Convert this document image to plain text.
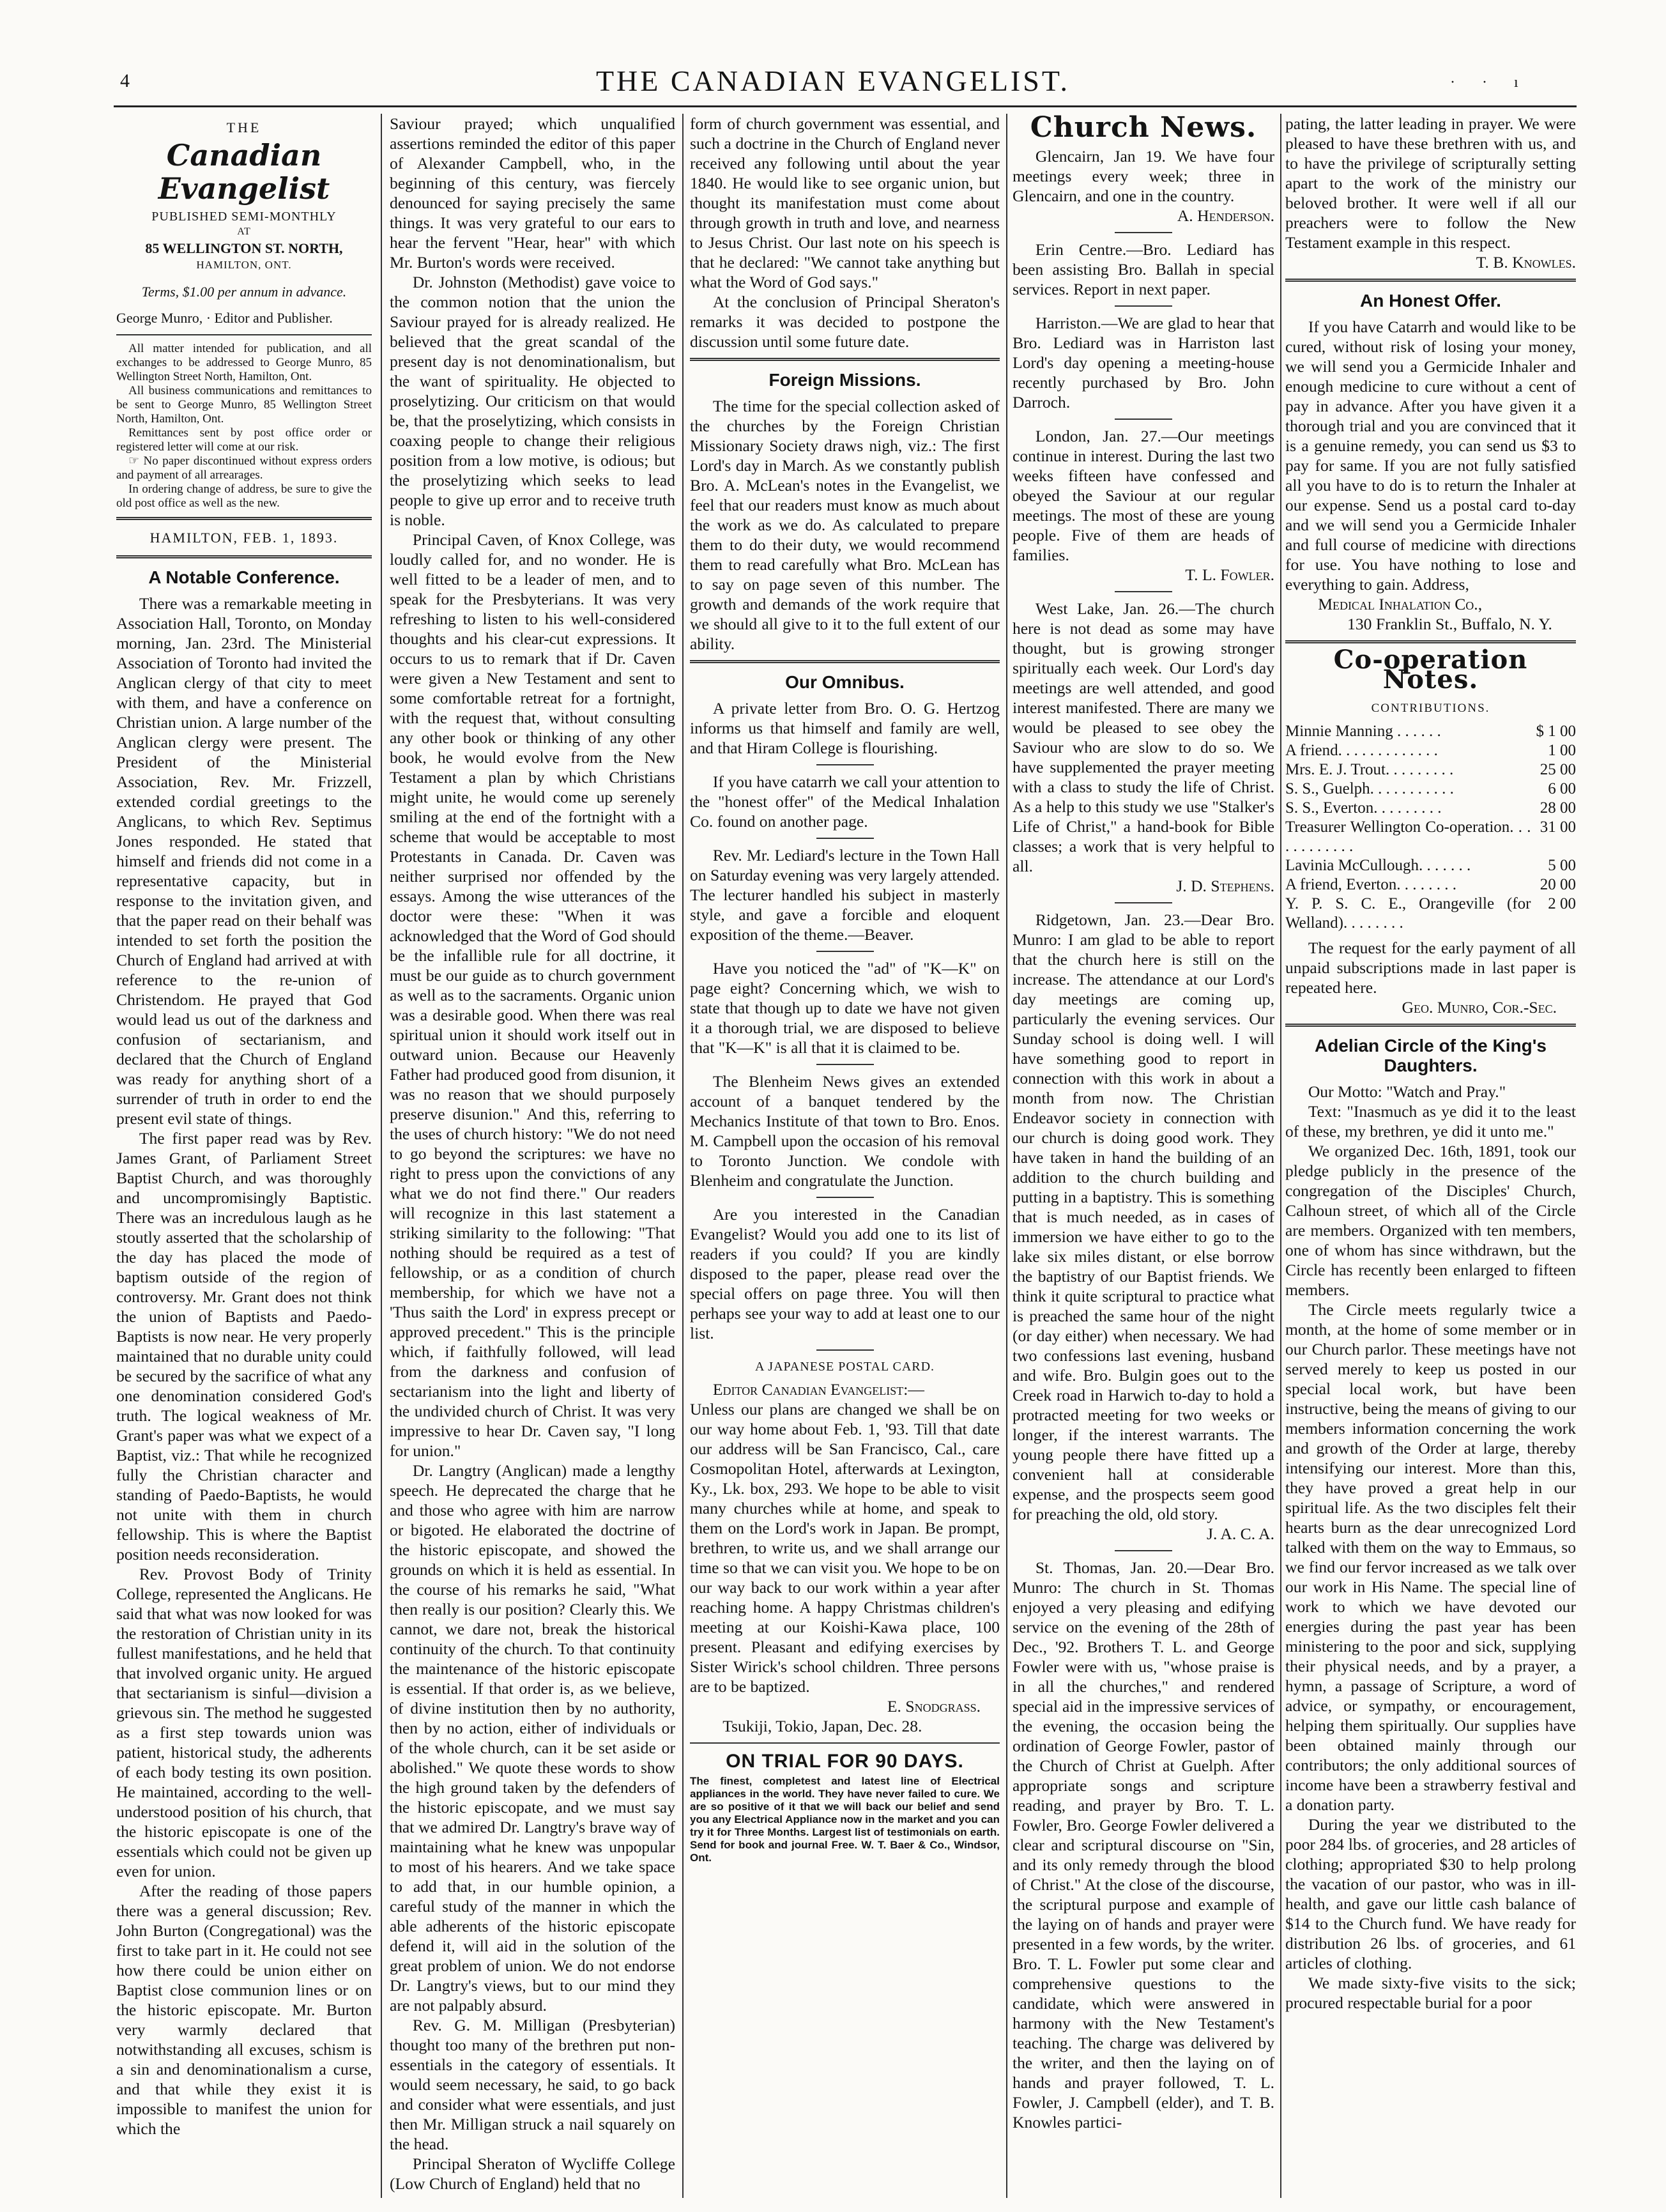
4	THE CANADIAN EVANGELIST.	· · ı
THE
Canadian Evangelist
PUBLISHED SEMI-MONTHLY
AT
85 WELLINGTON ST. NORTH,
HAMILTON, ONT.

Terms, $1.00 per annum in advance.

George Munro, · Editor and Publisher.

All matter intended for publication, and all exchanges to be addressed to George Munro, 85 Wellington Street North, Hamilton, Ont.

All business communications and remittances to be sent to George Munro, 85 Wellington Street North, Hamilton, Ont.

Remittances sent by post office order or registered letter will come at our risk.

☞ No paper discontinued without express orders and payment of all arrearages.

In ordering change of address, be sure to give the old post office as well as the new.

HAMILTON, FEB. 1, 1893.
A Notable Conference.

There was a remarkable meeting in Association Hall, Toronto, on Monday morning, Jan. 23rd. The Ministerial Association of Toronto had invited the Anglican clergy of that city to meet with them, and have a conference on Christian union. A large number of the Anglican clergy were present. The President of the Ministerial Association, Rev. Mr. Frizzell, extended cordial greetings to the Anglicans, to which Rev. Septimus Jones responded. He stated that himself and friends did not come in a representative capacity, but in response to the invitation given, and that the paper read on their behalf was intended to set forth the position the Church of England had arrived at with reference to the re-union of Christendom. He prayed that God would lead us out of the darkness and confusion of sectarianism, and declared that the Church of England was ready for anything short of a surrender of truth in order to end the present evil state of things.

The first paper read was by Rev. James Grant, of Parliament Street Baptist Church, and was thoroughly and uncompromisingly Baptistic. There was an incredulous laugh as he stoutly asserted that the scholarship of the day has placed the mode of baptism outside of the region of controversy. Mr. Grant does not think the union of Baptists and Paedo-Baptists is now near. He very properly maintained that no durable unity could be secured by the sacrifice of what any one denomination considered God's truth. The logical weakness of Mr. Grant's paper was what we expect of a Baptist, viz.: That while he recognized fully the Christian character and standing of Paedo-Baptists, he would not unite with them in church fellowship. This is where the Baptist position needs reconsideration.

Rev. Provost Body of Trinity College, represented the Anglicans. He said that what was now looked for was the restoration of Christian unity in its fullest manifestations, and he held that that involved organic unity. He argued that sectarianism is sinful—division a grievous sin. The method he suggested as a first step towards union was patient, historical study, the adherents of each body testing its own position. He maintained, according to the well-understood position of his church, that the historic episcopate is one of the essentials which could not be given up even for union.

After the reading of those papers there was a general discussion; Rev. John Burton (Congregational) was the first to take part in it. He could not see how there could be union either on Baptist close communion lines or on the historic episcopate. Mr. Burton very warmly declared that notwithstanding all excuses, schism is a sin and denominationalism a curse, and that while they exist it is impossible to manifest the union for which the

Saviour prayed; which unqualified assertions reminded the editor of this paper of Alexander Campbell, who, in the beginning of this century, was fiercely denounced for saying precisely the same things. It was very grateful to our ears to hear the fervent "Hear, hear" with which Mr. Burton's words were received.

Dr. Johnston (Methodist) gave voice to the common notion that the union the Saviour prayed for is already realized. He believed that the great scandal of the present day is not denominationalism, but the want of spirituality. He objected to proselytizing. Our criticism on that would be, that the proselytizing, which consists in coaxing people to change their religious position from a low motive, is odious; but the proselytizing which seeks to lead people to give up error and to receive truth is noble.

Principal Caven, of Knox College, was loudly called for, and no wonder. He is well fitted to be a leader of men, and to speak for the Presbyterians. It was very refreshing to listen to his well-considered thoughts and his clear-cut expressions. It occurs to us to remark that if Dr. Caven were given a New Testament and sent to some comfortable retreat for a fortnight, with the request that, without consulting any other book or thinking of any other book, he would evolve from the New Testament a plan by which Christians might unite, he would come up serenely smiling at the end of the fortnight with a scheme that would be acceptable to most Protestants in Canada. Dr. Caven was neither surprised nor offended by the essays. Among the wise utterances of the doctor were these: "When it was acknowledged that the Word of God should be the infallible rule for all doctrine, it must be our guide as to church government as well as to the sacraments. Organic union was a desirable good. When there was real spiritual union it should work itself out in outward union. Because our Heavenly Father had produced good from disunion, it was no reason that we should purposely preserve disunion." And this, referring to the uses of church history: "We do not need to go beyond the scriptures: we have no right to press upon the convictions of any what we do not find there." Our readers will recognize in this last statement a striking similarity to the following: "That nothing should be required as a test of fellowship, or as a condition of church membership, for which we have not a 'Thus saith the Lord' in express precept or approved precedent." This is the principle which, if faithfully followed, will lead from the darkness and confusion of sectarianism into the light and liberty of the undivided church of Christ. It was very impressive to hear Dr. Caven say, "I long for union."

Dr. Langtry (Anglican) made a lengthy speech. He deprecated the charge that he and those who agree with him are narrow or bigoted. He elaborated the doctrine of the historic episcopate, and showed the grounds on which it is held as essential. In the course of his remarks he said, "What then really is our position? Clearly this. We cannot, we dare not, break the historical continuity of the church. To that continuity the maintenance of the historic episcopate is essential. If that order is, as we believe, of divine institution then by no authority, then by no action, either of individuals or of the whole church, can it be set aside or abolished." We quote these words to show the high ground taken by the defenders of the historic episcopate, and we must say that we admired Dr. Langtry's brave way of maintaining what he knew was unpopular to most of his hearers. And we take space to add that, in our humble opinion, a careful study of the manner in which the able adherents of the historic episcopate defend it, will aid in the solution of the great problem of union. We do not endorse Dr. Langtry's views, but to our mind they are not palpably absurd.

Rev. G. M. Milligan (Presbyterian) thought too many of the brethren put non-essentials in the category of essentials. It would seem necessary, he said, to go back and consider what were essentials, and just then Mr. Milligan struck a nail squarely on the head.

Principal Sheraton of Wycliffe College (Low Church of England) held that no

form of church government was essential, and such a doctrine in the Church of England never received any following until about the year 1840. He would like to see organic union, but thought its manifestation must come about through growth in truth and love, and nearness to Jesus Christ. Our last note on his speech is that he declared: "We cannot take anything but what the Word of God says."

At the conclusion of Principal Sheraton's remarks it was decided to postpone the discussion until some future date.

Foreign Missions.

The time for the special collection asked of the churches by the Foreign Christian Missionary Society draws nigh, viz.: The first Lord's day in March. As we constantly publish Bro. A. McLean's notes in the Evangelist, we feel that our readers must know as much about the work as we do. As calculated to prepare them to do their duty, we would recommend them to read carefully what Bro. McLean has to say on page seven of this number. The growth and demands of the work require that we should all give to it to the full extent of our ability.

Our Omnibus.

A private letter from Bro. O. G. Hertzog informs us that himself and family are well, and that Hiram College is flourishing.

If you have catarrh we call your attention to the "honest offer" of the Medical Inhalation Co. found on another page.

Rev. Mr. Lediard's lecture in the Town Hall on Saturday evening was very largely attended. The lecturer handled his subject in masterly style, and gave a forcible and eloquent exposition of the theme.—Beaver.

Have you noticed the "ad" of "K—K" on page eight? Concerning which, we wish to state that though up to date we have not given it a thorough trial, we are disposed to believe that "K—K" is all that it is claimed to be.

The Blenheim News gives an extended account of a banquet tendered by the Mechanics Institute of that town to Bro. Enos. M. Campbell upon the occasion of his removal to Toronto Junction. We condole with Blenheim and congratulate the Junction.

Are you interested in the Canadian Evangelist? Would you add one to its list of readers if you could? If you are kindly disposed to the paper, please read over the special offers on page three. You will then perhaps see your way to add at least one to our list.

A JAPANESE POSTAL CARD.

Editor Canadian Evangelist:—

Unless our plans are changed we shall be on our way home about Feb. 1, '93. Till that date our address will be San Francisco, Cal., care Cosmopolitan Hotel, afterwards at Lexington, Ky., Lk. box, 293. We hope to be able to visit many churches while at home, and speak to them on the Lord's work in Japan. Be prompt, brethren, to write us, and we shall arrange our time so that we can visit you. We hope to be on our way back to our work within a year after reaching home. A happy Christmas children's meeting at our Koishi-Kawa place, 100 present. Pleasant and edifying exercises by Sister Wirick's school children. Three persons are to be baptized.

E. Snodgrass.

Tsukiji, Tokio, Japan, Dec. 28.

ON TRIAL FOR 90 DAYS.
The finest, completest and latest line of Electrical appliances in the world. They have never failed to cure. We are so positive of it that we will back our belief and send you any Electrical Appliance now in the market and you can try it for Three Months. Largest list of testimonials on earth. Send for book and journal Free. W. T. Baer & Co., Windsor, Ont.
Church News.

Glencairn, Jan 19. We have four meetings every week; three in Glencairn, and one in the country.

A. Henderson.

Erin Centre.—Bro. Lediard has been assisting Bro. Ballah in special services. Report in next paper.

Harriston.—We are glad to hear that Bro. Lediard was in Harriston last Lord's day opening a meeting-house recently purchased by Bro. John Darroch.

London, Jan. 27.—Our meetings continue in interest. During the last two weeks fifteen have confessed and obeyed the Saviour at our regular meetings. The most of these are young people. Five of them are heads of families.

T. L. Fowler.

West Lake, Jan. 26.—The church here is not dead as some may have thought, but is growing stronger spiritually each week. Our Lord's day meetings are well attended, and good interest manifested. There are many we would be pleased to see obey the Saviour who are slow to do so. We have supplemented the prayer meeting with a class to study the life of Christ. As a help to this study we use "Stalker's Life of Christ," a hand-book for Bible classes; a work that is very helpful to all.

J. D. Stephens.

Ridgetown, Jan. 23.—Dear Bro. Munro: I am glad to be able to report that the church here is still on the increase. The attendance at our Lord's day meetings are coming up, particularly the evening services. Our Sunday school is doing well. I will have something good to report in connection with this work in about a month from now. The Christian Endeavor society in connection with our church is doing good work. They have taken in hand the building of an addition to the church building and putting in a baptistry. This is something that is much needed, as in cases of immersion we have either to go to the lake six miles distant, or else borrow the baptistry of our Baptist friends. We think it quite scriptural to practice what is preached the same hour of the night (or day either) when necessary. We had two confessions last evening, husband and wife. Bro. Bulgin goes out to the Creek road in Harwich to-day to hold a protracted meeting for two weeks or longer, if the interest warrants. The young people there have fitted up a convenient hall at considerable expense, and the prospects seem good for preaching the old, old story.

J. A. C. A.

St. Thomas, Jan. 20.—Dear Bro. Munro: The church in St. Thomas enjoyed a very pleasing and edifying service on the evening of the 28th of Dec., '92. Brothers T. L. and George Fowler were with us, "whose praise is in all the churches," and rendered special aid in the impressive services of the evening, the occasion being the ordination of George Fowler, pastor of the Church of Christ at Guelph. After appropriate songs and scripture reading, and prayer by Bro. T. L. Fowler, Bro. George Fowler delivered a clear and scriptural discourse on "Sin, and its only remedy through the blood of Christ." At the close of the discourse, the scriptural purpose and example of the laying on of hands and prayer were presented in a few words, by the writer. Bro. T. L. Fowler put some clear and comprehensive questions to the candidate, which were answered in harmony with the New Testament's teaching. The charge was delivered by the writer, and then the laying on of hands and prayer followed, T. L. Fowler, J. Campbell (elder), and T. B. Knowles partici-

pating, the latter leading in prayer. We were pleased to have these brethren with us, and to have the privilege of scripturally setting apart to the work of the ministry our beloved brother. It were well if all our preachers were to follow the New Testament example in this respect.

T. B. Knowles.

An Honest Offer.

If you have Catarrh and would like to be cured, without risk of losing your money, we will send you a Germicide Inhaler and enough medicine to cure without a cent of pay in advance. After you have given it a thorough trial and you are convinced that it is a genuine remedy, you can send us $3 to pay for same. If you are not fully satisfied all you have to do is to return the Inhaler at our expense. Send us a postal card to-day and we will send you a Germicide Inhaler and full course of medicine with directions for use. You have nothing to lose and everything to gain. Address,

Medical Inhalation Co.,

130 Franklin St., Buffalo, N. Y.

Co-operation Notes.
CONTRIBUTIONS.
Minnie Manning . . . . . .	$ 1 00
A friend. . . . . . . . . . . . .	1 00
Mrs. E. J. Trout. . . . . . . . .	25 00
S. S., Guelph. . . . . . . . . . .	6 00
S. S., Everton. . . . . . . . .	28 00
Treasurer Wellington Co-operation. . . . . . . . . . . .	31 00
Lavinia McCullough. . . . . . .	5 00
A friend, Everton. . . . . . . .	20 00
Y. P. S. C. E., Orangeville (for Welland). . . . . . . .	2 00

The request for the early payment of all unpaid subscriptions made in last paper is repeated here.

Geo. Munro, Cor.-Sec.

Adelian Circle of the King's Daughters.

Our Motto: "Watch and Pray."

Text: "Inasmuch as ye did it to the least of these, my brethren, ye did it unto me."

We organized Dec. 16th, 1891, took our pledge publicly in the presence of the congregation of the Disciples' Church, Calhoun street, of which all of the Circle are members. Organized with ten members, one of whom has since withdrawn, but the Circle has recently been enlarged to fifteen members.

The Circle meets regularly twice a month, at the home of some member or in our Church parlor. These meetings have not served merely to keep us posted in our special local work, but have been instructive, being the means of giving to our members information concerning the work and growth of the Order at large, thereby intensifying our interest. More than this, they have proved a great help in our spiritual life. As the two disciples felt their hearts burn as the dear unrecognized Lord talked with them on the way to Emmaus, so we find our fervor increased as we talk over our work in His Name. The special line of work to which we have devoted our energies during the past year has been ministering to the poor and sick, supplying their physical needs, and by a prayer, a hymn, a passage of Scripture, a word of advice, or sympathy, or encouragement, helping them spiritually. Our supplies have been obtained mainly through our contributors; the only additional sources of income have been a strawberry festival and a donation party.

During the year we distributed to the poor 284 lbs. of groceries, and 28 articles of clothing; appropriated $30 to help prolong the vacation of our pastor, who was in ill-health, and gave our little cash balance of $14 to the Church fund. We have ready for distribution 26 lbs. of groceries, and 61 articles of clothing.

We made sixty-five visits to the sick; procured respectable burial for a poor
